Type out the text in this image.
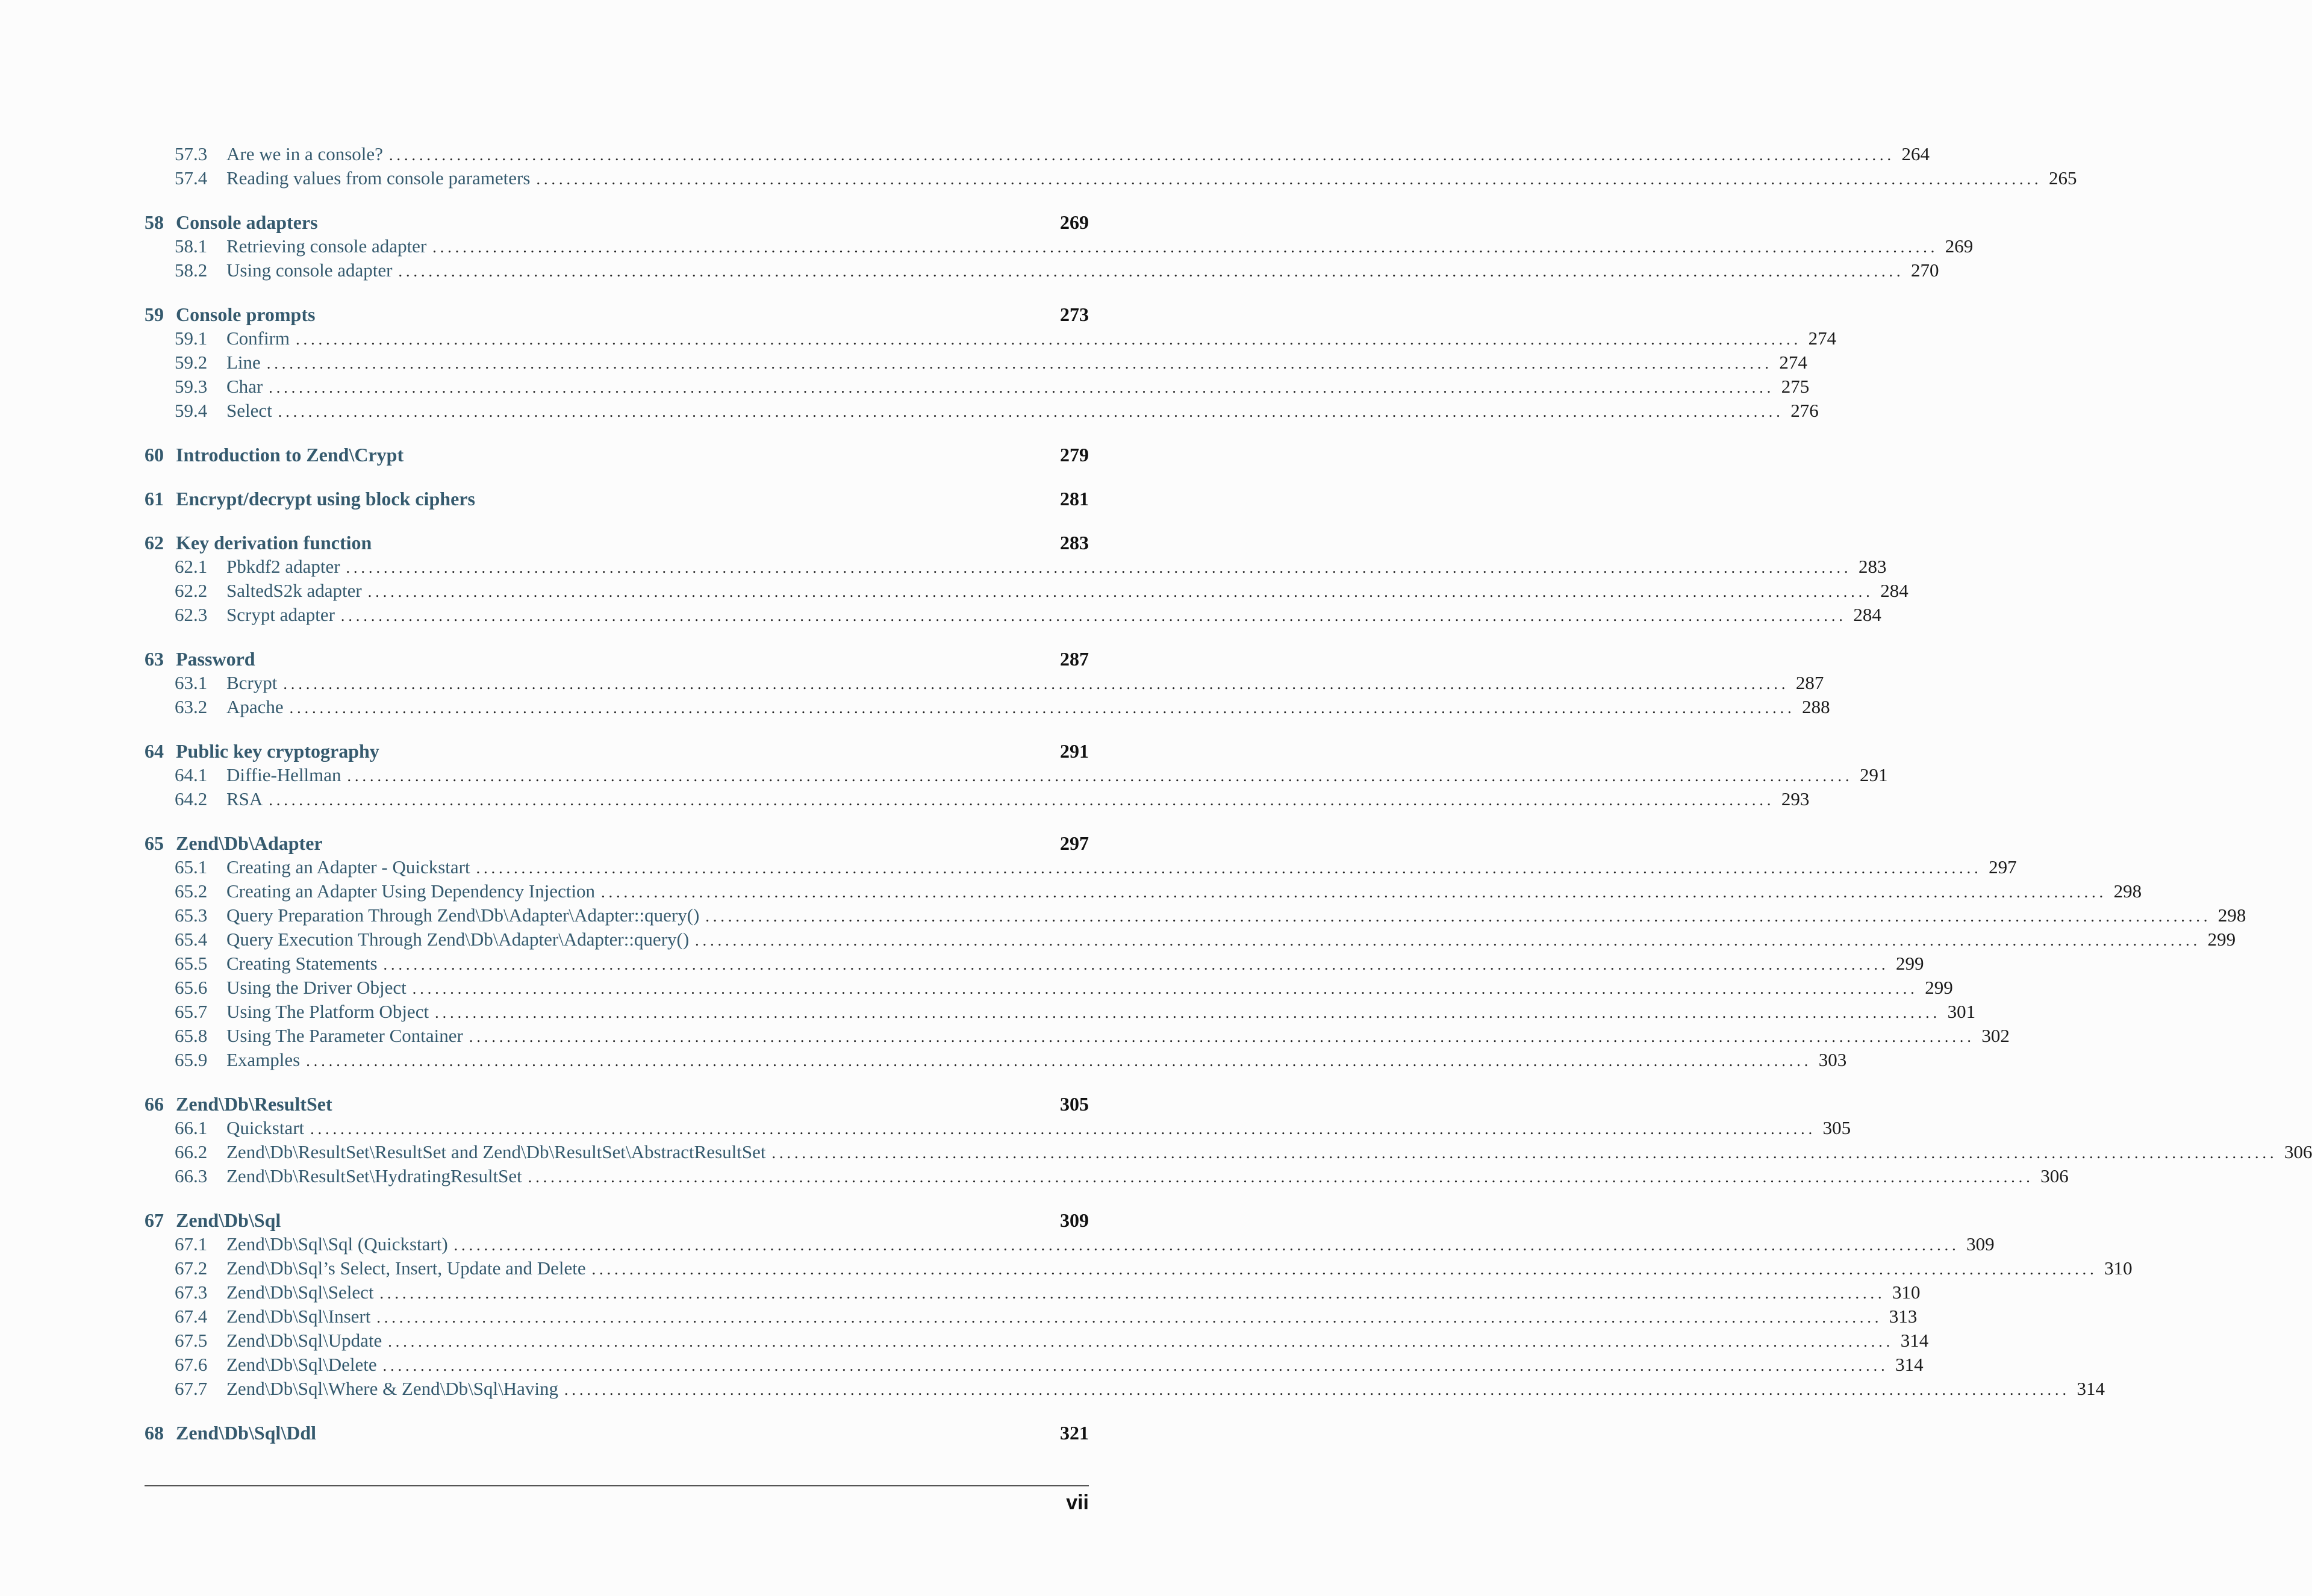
57.3	Are we in a console? ........................................................................................................................................................................................................ 264
57.4	Reading values from console parameters ........................................................................................................................................................................................................ 265
58 Console adapters	269
58.1	Retrieving console adapter ........................................................................................................................................................................................................ 269
58.2	Using console adapter ........................................................................................................................................................................................................ 270
59 Console prompts	273
59.1	Confirm ........................................................................................................................................................................................................ 274
59.2	Line ........................................................................................................................................................................................................ 274
59.3	Char ........................................................................................................................................................................................................ 275
59.4	Select ........................................................................................................................................................................................................ 276
60 Introduction to Zend\Crypt	279
61 Encrypt/decrypt using block ciphers	281
62 Key derivation function	283
62.1	Pbkdf2 adapter ........................................................................................................................................................................................................ 283
62.2	SaltedS2k adapter ........................................................................................................................................................................................................ 284
62.3	Scrypt adapter ........................................................................................................................................................................................................ 284
63 Password	287
63.1	Bcrypt ........................................................................................................................................................................................................ 287
63.2	Apache ........................................................................................................................................................................................................ 288
64 Public key cryptography	291
64.1	Diffie-Hellman ........................................................................................................................................................................................................ 291
64.2	RSA ........................................................................................................................................................................................................ 293
65 Zend\Db\Adapter	297
65.1	Creating an Adapter - Quickstart ........................................................................................................................................................................................................ 297
65.2	Creating an Adapter Using Dependency Injection ........................................................................................................................................................................................................ 298
65.3	Query Preparation Through Zend\Db\Adapter\Adapter::query() ........................................................................................................................................................................................................ 298
65.4	Query Execution Through Zend\Db\Adapter\Adapter::query() ........................................................................................................................................................................................................ 299
65.5	Creating Statements ........................................................................................................................................................................................................ 299
65.6	Using the Driver Object ........................................................................................................................................................................................................ 299
65.7	Using The Platform Object ........................................................................................................................................................................................................ 301
65.8	Using The Parameter Container ........................................................................................................................................................................................................ 302
65.9	Examples ........................................................................................................................................................................................................ 303
66 Zend\Db\ResultSet	305
66.1	Quickstart ........................................................................................................................................................................................................ 305
66.2	Zend\Db\ResultSet\ResultSet and Zend\Db\ResultSet\AbstractResultSet ........................................................................................................................................................................................................ 306
66.3	Zend\Db\ResultSet\HydratingResultSet ........................................................................................................................................................................................................ 306
67 Zend\Db\Sql	309
67.1	Zend\Db\Sql\Sql (Quickstart) ........................................................................................................................................................................................................ 309
67.2	Zend\Db\Sql’s Select, Insert, Update and Delete ........................................................................................................................................................................................................ 310
67.3	Zend\Db\Sql\Select ........................................................................................................................................................................................................ 310
67.4	Zend\Db\Sql\Insert ........................................................................................................................................................................................................ 313
67.5	Zend\Db\Sql\Update ........................................................................................................................................................................................................ 314
67.6	Zend\Db\Sql\Delete ........................................................................................................................................................................................................ 314
67.7	Zend\Db\Sql\Where & Zend\Db\Sql\Having ........................................................................................................................................................................................................ 314
68 Zend\Db\Sql\Ddl	321
vii
